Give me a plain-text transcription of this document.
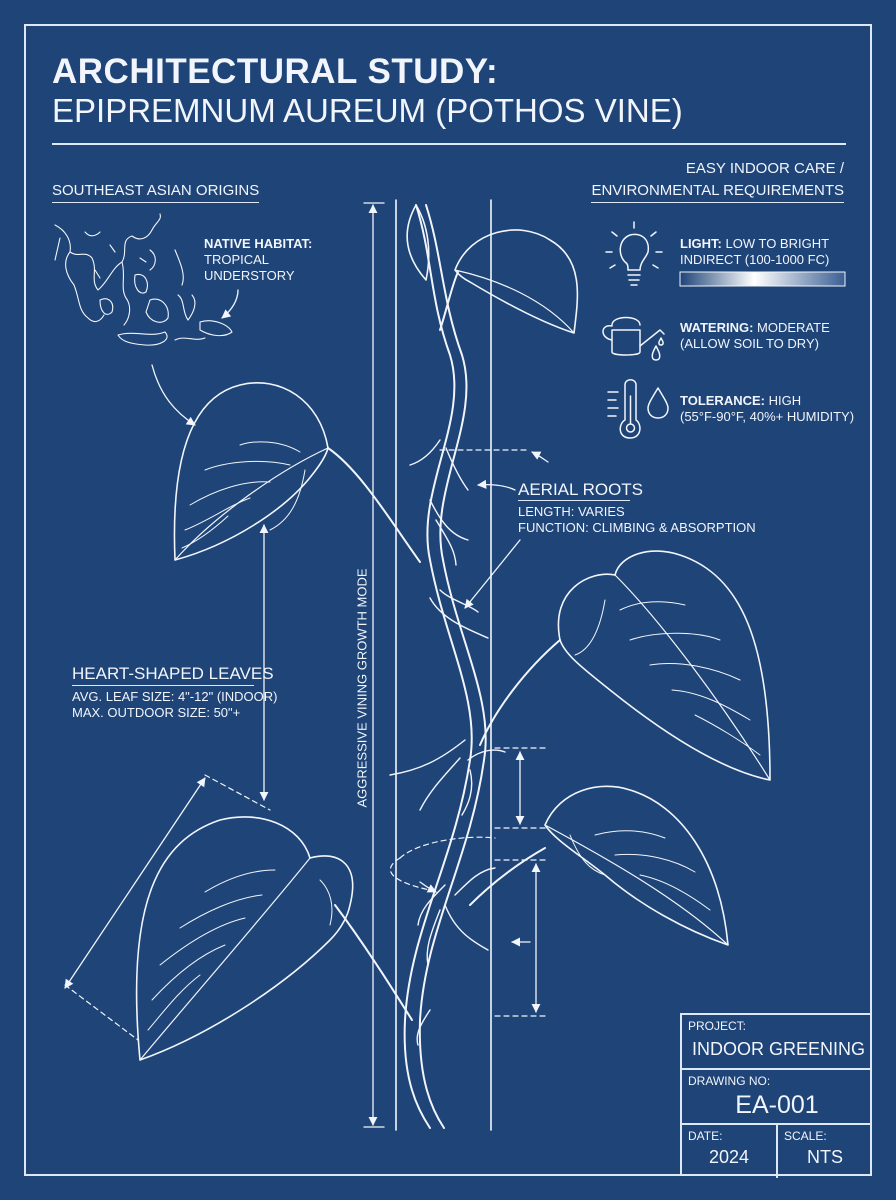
ARCHITECTURAL STUDY:
EPIPREMNUM AUREUM (POTHOS VINE)
SOUTHEAST ASIAN ORIGINS
NATIVE HABITAT:
TROPICAL
UNDERSTORY
EASY INDOOR CARE /
ENVIRONMENTAL REQUIREMENTS
LIGHT: LOW TO BRIGHT
INDIRECT (100-1000 FC)
WATERING: MODERATE
(ALLOW SOIL TO DRY)
TOLERANCE: HIGH
(55°F-90°F, 40%+ HUMIDITY)
AERIAL ROOTS
LENGTH: VARIES
FUNCTION: CLIMBING & ABSORPTION
HEART-SHAPED LEAVES
AVG. LEAF SIZE: 4"-12" (INDOOR)
MAX. OUTDOOR SIZE: 50"+	AGGRESSIVE VINING GROWTH MODE
PROJECT:
INDOOR GREENING
DRAWING NO:
EA-001
DATE:
2024
SCALE:
NTS
